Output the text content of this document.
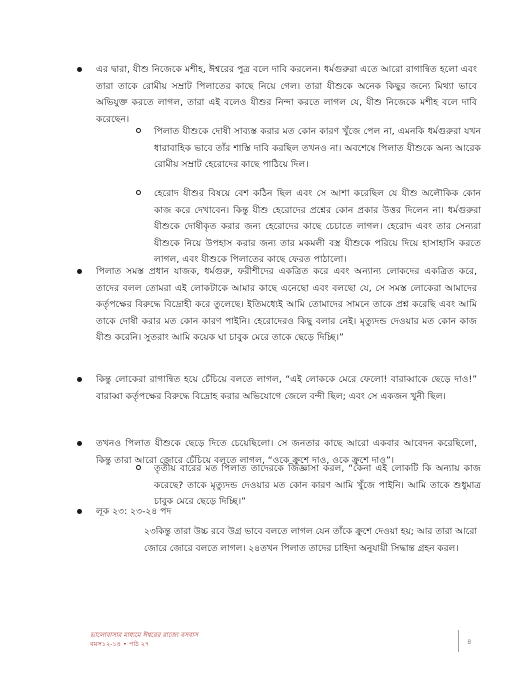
এর দ্বারা, যীশু নিজেকে মশীহ, ঈশ্বরের পুত্র বলে দাবি করলেন। ধর্মগুরুরা এতে আরো রাগান্বিত হলো এবং তারা তাকে রোমীয় সম্রাট পিলাতের কাছে নিয়ে গেল। তারা যীশুকে অনেক কিছুর জন্যে মিথ্যা ভাবে অভিযুক্ত করতে লাগল, তারা এই বলেও যীশুর নিন্দা করতে লাগল যে, যীশু নিজেকে মশীহ বলে দাবি করেছেন।

পিলাত যীশুকে দোষী সাব্যস্ত করার মত কোন কারণ খুঁজে পেল না, এমনকি ধর্মগুরুরা যখন ধারাবাহিক ভাবে তাঁর শাস্তি দাবি করছিল তখনও না। অবশেষে পিলাত যীশুকে অন্য আরেক রোমীয় সম্রাট হেরোদের কাছে পাঠিয়ে দিল।

হেরোদ যীশুর বিষয়ে বেশ কঠিন ছিল এবং সে আশা করেছিল যে যীশু অলৌকিক কোন কাজ করে দেখাবেন। কিন্তু যীশু হেরোদের প্রশ্নের কোন প্রকার উত্তর দিলেন না। ধর্মগুরুরা যীশুকে দোষীকৃত করার জন্য হেরোদের কাছে চেচাতে লাগল। হেরোদ এবং তার সেন্যরা যীশুকে নিয়ে উপহাস করার জন্য তার মকমলী বস্ত্র যীশুকে পরিয়ে দিয়ে হাসাহাসি করতে লাগল, এবং যীশুকে পিলাতের কাছে ফেরত পাঠালো।

পিলাত সমস্ত প্রধান যাজক, ধর্মগুরু, ফরীশীদের একত্রিত করে এবং অন্যান্য লোকদের একত্রিত করে, তাদের বলল তোমরা এই লোকটাকে আমার কাছে এনেছো এবং বলছো যে, সে সমস্ত লোকেরা আমাদের কর্তৃপক্ষের বিরুদ্ধে বিদ্রোহী করে তুলেছে। ইতিমধ্যেই আমি তোমাদের সামনে তাকে প্রশ্ন করেছি এবং আমি তাকে দোষী করার মত কোন কারণ পাইনি। হেরোদেরও কিছু বলার নেই। মৃত্যুদন্ড দেওয়ার মত কোন কাজ যীশু করেনি। সুতরাং আমি কয়েক ঘা চাবুক মেরে তাকে ছেড়ে দিচ্ছি।”

কিন্তু লোকেরা রাগান্বিত হয়ে চেঁচিয়ে বলতে লাগল, “এই লোককে মেরে ফেলো! বারাব্বাকে ছেড়ে দাও!” বারাব্বা কর্তৃপক্ষের বিরুদ্ধে বিদ্রোহ করার অভিযোগে জেলে বন্দী ছিল; এবং সে একজন খুনী ছিল।

তখনও পিলাত যীশুকে ছেড়ে দিতে চেয়েছিলো। সে জনতার কাছে আরো একবার আবেদন করেছিলো, কিন্তু তারা আরো জোরে চেঁচিয়ে বলতে লাগল, “ওকে ক্রুশে দাও, ওকে ক্রুশে দাও”।

তৃতীয় বারের মত পিলাত তাদেরকে জিজ্ঞাসা করল, “কেনা এই লোকটি কি অন্যায় কাজ করেছে? তাকে মৃত্যুদন্ড দেওয়ার মত কোন কারণ আমি খুঁজে পাইনি। আমি তাকে শুধুমাত্র চাবুক মেরে ছেড়ে দিচ্ছি।”

লূক ২৩: ২৩-২৪ পদ

২৩কিন্তু তারা উচ্চ রবে উগ্র ভাবে বলতে লাগল যেন তাঁকে ক্রুশে দেওয়া হয়; আর তারা আরো জোরে জোরে বলতে লাগল। ২৪তখন পিলাত তাদের চাহিদা অনুযায়ী সিদ্ধান্ত গ্রহন করল।

ভালোবাসার মাধ্যমে ঈশ্বরের রাজ্যে বসবাস
বয়স১২-১৪ • পাঠ ২৭	৪
